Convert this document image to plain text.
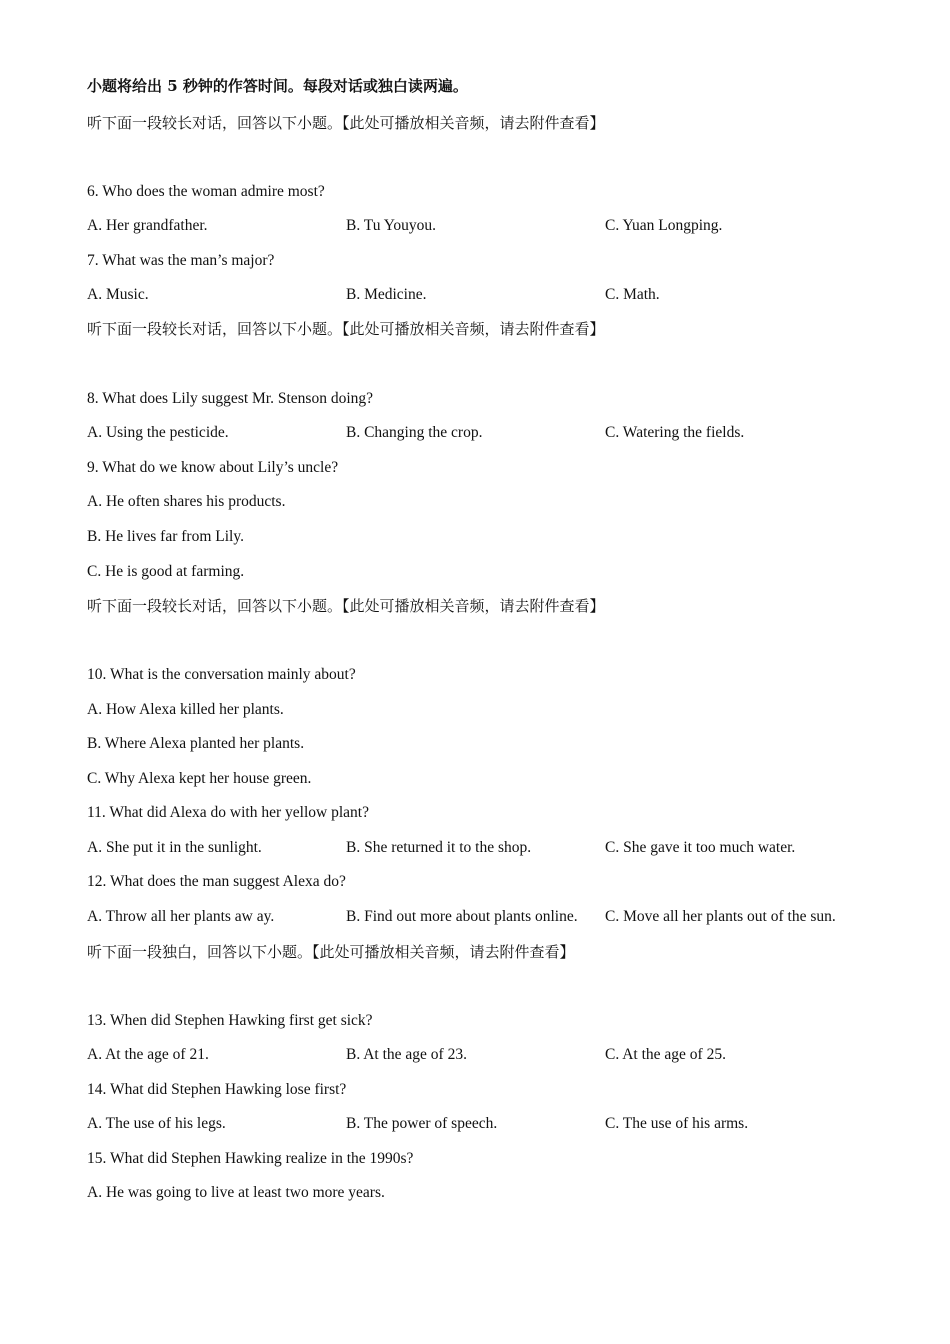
小题将给出 5 秒钟的作答时间。每段对话或独白读两遍。
听下面一段较长对话，回答以下小题。【此处可播放相关音频，请去附件查看】
6. Who does the woman admire most?
A. Her grandfather.	B. Tu Youyou.	C. Yuan Longping.
7. What was the man’s major?
A. Music.	B. Medicine.	C. Math.
听下面一段较长对话，回答以下小题。【此处可播放相关音频，请去附件查看】
8. What does Lily suggest Mr. Stenson doing?
A. Using the pesticide.	B. Changing the crop.	C. Watering the fields.
9. What do we know about Lily’s uncle?
A. He often shares his products.
B. He lives far from Lily.
C. He is good at farming.
听下面一段较长对话，回答以下小题。【此处可播放相关音频，请去附件查看】
10. What is the conversation mainly about?
A. How Alexa killed her plants.
B. Where Alexa planted her plants.
C. Why Alexa kept her house green.
11. What did Alexa do with her yellow plant?
A. She put it in the sunlight.	B. She returned it to the shop.	C. She gave it too much water.
12. What does the man suggest Alexa do?
A. Throw all her plants aw ay.	B. Find out more about plants online. C. Move all her plants out of the sun.
听下面一段独白，回答以下小题。【此处可播放相关音频，请去附件查看】
13. When did Stephen Hawking first get sick?
A. At the age of 21.	B. At the age of 23.	C. At the age of 25.
14. What did Stephen Hawking lose first?
A. The use of his legs.	B. The power of speech.	C. The use of his arms.
15. What did Stephen Hawking realize in the 1990s?
A. He was going to live at least two more years.
